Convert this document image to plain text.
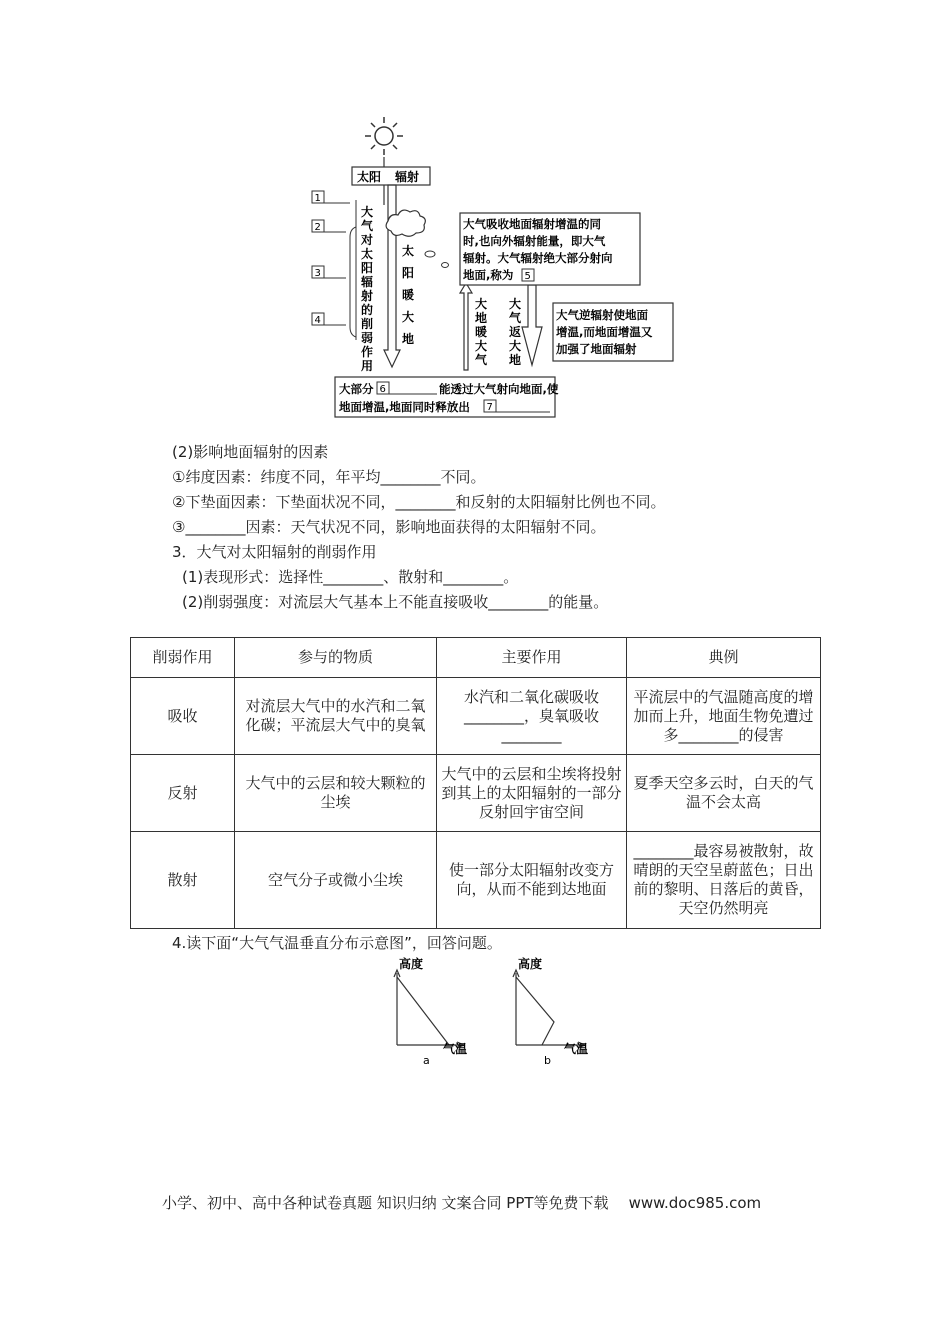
太阳 辐射
1
2
3
4
大
气
对
太
阳
辐
射
的
削
弱
作
用
太
阳
暖
大
地
大
地
暖
大
气
大
气
返
大
地
大气吸收地面辐射增温的同
时,也向外辐射能量，即大气
辐射。大气辐射绝大部分射向
地面,称为 5
大气逆辐射使地面
增温,而地面增温又
加强了地面辐射
大部分	能透过大气射向地面,使
地面增温,地面同时释放出
6
7
(2)影响地面辐射的因素
①纬度因素：纬度不同，年平均________不同。
②下垫面因素：下垫面状况不同，________和反射的太阳辐射比例也不同。
③________因素：天气状况不同，影响地面获得的太阳辐射不同。
3．大气对太阳辐射的削弱作用
(1)表现形式：选择性________、散射和________。
(2)削弱强度：对流层大气基本上不能直接吸收________的能量。
削弱作用	参与的物质	主要作用	典例
吸收	对流层大气中的水汽和二氧化碳；平流层大气中的臭氧	水汽和二氧化碳吸收________，臭氧吸收________	平流层中的气温随高度的增加而上升，地面生物免遭过多________的侵害
反射	大气中的云层和较大颗粒的尘埃	大气中的云层和尘埃将投射到其上的太阳辐射的一部分反射回宇宙空间	夏季天空多云时，白天的气温不会太高
散射	空气分子或微小尘埃	使一部分太阳辐射改变方向，从而不能到达地面	________最容易被散射，故晴朗的天空呈蔚蓝色；日出前的黎明、日落后的黄昏，天空仍然明亮
4.读下面“大气气温垂直分布示意图”，回答问题。
高度
气温
a
高度
气温
b
小学、初中、高中各种试卷真题 知识归纳 文案合同 PPT等免费下载 www.doc985.com
